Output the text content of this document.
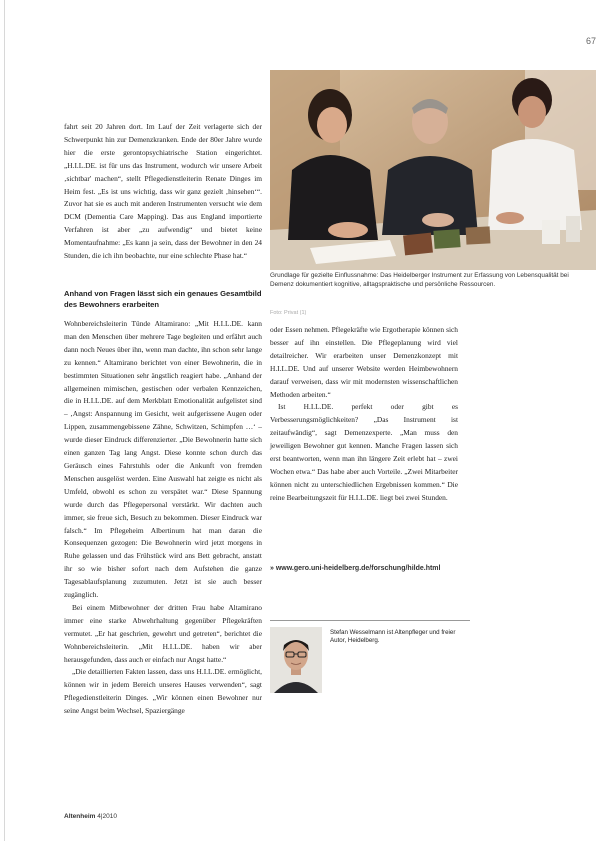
67

fahrt seit 20 Jahren dort. Im Lauf der Zeit verlagerte sich der Schwerpunkt hin zur Demenzkranken. Ende der 80er Jahre wurde hier die erste gerontopsychiatrische Station eingerichtet. „H.I.L.DE. ist für uns das Instrument, wodurch wir unsere Arbeit ‚sichtbar' machen“, stellt Pflegedienstleiterin Renate Dinges im Heim fest. „Es ist uns wichtig, dass wir ganz gezielt ‚hinsehen‘“. Zuvor hat sie es auch mit anderen Instrumenten versucht wie dem DCM (Dementia Care Mapping). Das aus England importierte Verfahren ist aber „zu aufwendig“ und bietet keine Momentaufnahme: „Es kann ja sein, dass der Bewohner in den 24 Stunden, die ich ihn beobachte, nur eine schlechte Phase hat.“

Anhand von Fragen lässt sich ein genaues Gesamtbild des Bewohners erarbeiten

Wohnbereichsleiterin Tünde Altamirano: „Mit H.I.L.DE. kann man den Menschen über mehrere Tage begleiten und erfährt auch dann noch Neues über ihn, wenn man dachte, ihn schon sehr lange zu kennen.“ Altamirano berichtet von einer Bewohnerin, die in bestimmten Situationen sehr ängstlich reagiert habe. „Anhand der allgemeinen mimischen, gestischen oder verbalen Kennzeichen, die in H.I.L.DE. auf dem Merkblatt Emotionalität aufgelistet sind – ‚Angst: Anspannung im Gesicht, weit aufgerissene Augen oder Lippen, zusammengebissene Zähne, Schwitzen, Schimpfen …‘ – wurde dieser Eindruck differenzierter. „Die Bewohnerin hatte sich einen ganzen Tag lang Angst. Diese konnte schon durch das Geräusch eines Fahrstuhls oder die Ankunft von fremden Menschen ausgelöst werden. Eine Auswahl hat zeigte es nicht als Umfeld, obwohl es schon zu verspätet war.“ Diese Spannung wurde durch das Pflegepersonal verstärkt. Wir dachten auch immer, sie freue sich, Besuch zu bekommen. Dieser Eindruck war falsch.“ Im Pflegeheim Albertinum hat man daran die Konsequenzen gezogen: Die Bewohnerin wird jetzt morgens in Ruhe gelassen und das Frühstück wird ans Bett gebracht, anstatt ihr so wie bisher sofort nach dem Aufstehen die ganze Tagesablaufsplanung zuzumuten. Jetzt ist sie auch besser zugänglich.

Bei einem Mitbewohner der dritten Frau habe Altamirano immer eine starke Abwehrhaltung gegenüber Pflegekräften vermutet. „Er hat geschrien, gewehrt und getreten“, berichtet die Wohnbereichsleiterin. „Mit H.I.L.DE. haben wir aber herausgefunden, dass auch er einfach nur Angst hatte.“

„Die detaillierten Fakten lassen, dass uns H.I.L.DE. ermöglicht, können wir in jedem Bereich unseres Hauses verwenden“, sagt Pflegedienstleiterin Dinges. „Wir können einen Bewohner nur seine Angst beim Wechsel, Spaziergänge

Grundlage für gezielte Einflussnahme: Das Heidelberger Instrument zur Erfassung von Lebensqualität bei Demenz dokumentiert kognitive, alltagspraktische und persönliche Ressourcen.
Foto: Privat (1)

oder Essen nehmen. Pflegekräfte wie Ergotherapie können sich besser auf ihn einstellen. Die Pflegeplanung wird viel detailreicher. Wir erarbeiten unser Demenzkonzept mit H.I.L.DE. Und auf unserer Website werden Heimbewohnern darauf verweisen, dass wir mit modernsten wissenschaftlichen Methoden arbeiten.“

Ist H.I.L.DE. perfekt oder gibt es Verbesserungsmöglichkeiten? „Das Instrument ist zeitaufwändig“, sagt Demenzexperte. „Man muss den jeweiligen Bewohner gut kennen. Manche Fragen lassen sich erst beantworten, wenn man ihn längere Zeit erlebt hat – zwei Wochen etwa.“ Das habe aber auch Vorteile. „Zwei Mitarbeiter können nicht zu unterschiedlichen Ergebnissen kommen.“ Die reine Bearbeitungszeit für H.I.L.DE. liegt bei zwei Stunden.

» www.gero.uni-heidelberg.de/forschung/hilde.html
Stefan Wesselmann ist Altenpfleger und freier Autor, Heidelberg.
Altenheim 4|2010
